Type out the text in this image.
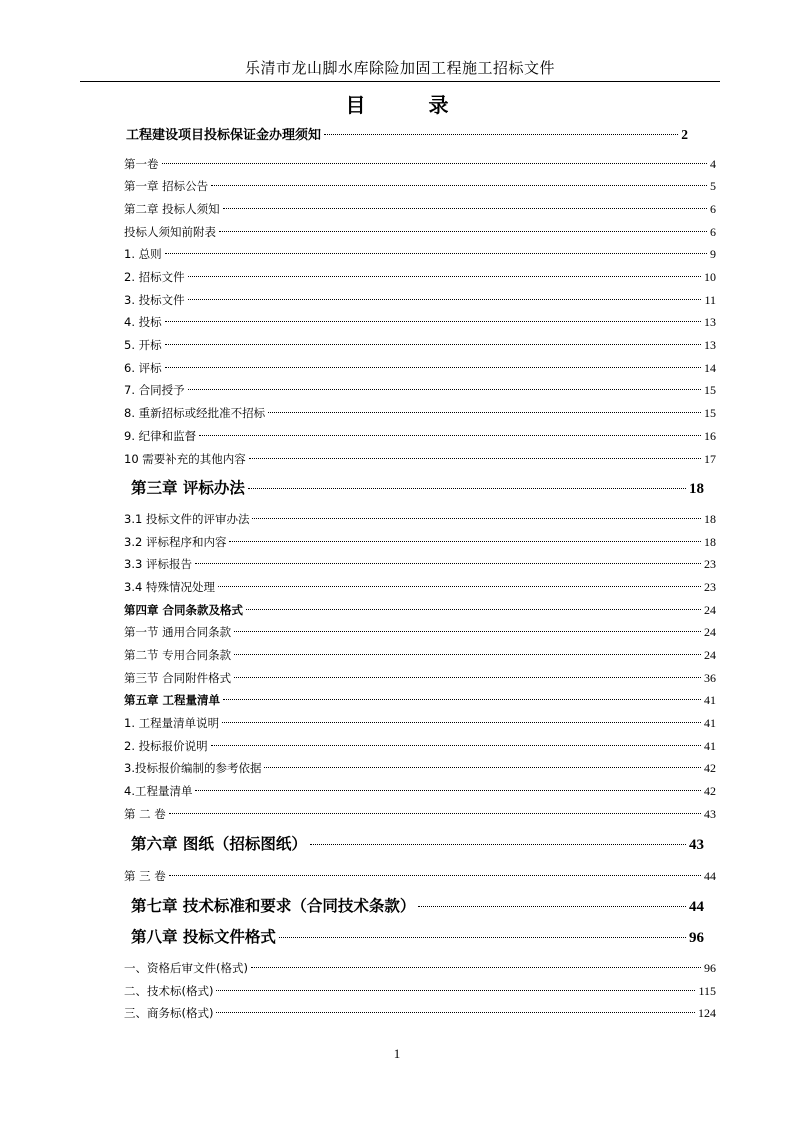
乐清市龙山脚水库除险加固工程施工招标文件
目 录
工程建设项目投标保证金办理须知	2
第一卷	4
第一章 招标公告	5
第二章 投标人须知	6
投标人须知前附表	6
1. 总则	9
2. 招标文件	10
3. 投标文件	11
4. 投标	13
5. 开标	13
6. 评标	14
7. 合同授予	15
8. 重新招标或经批准不招标	15
9. 纪律和监督	16
10 需要补充的其他内容	17
第三章 评标办法	18
3.1 投标文件的评审办法	18
3.2 评标程序和内容	18
3.3 评标报告	23
3.4 特殊情况处理	23
第四章 合同条款及格式	24
第一节 通用合同条款	24
第二节 专用合同条款	24
第三节 合同附件格式	36
第五章 工程量清单	41
1. 工程量清单说明	41
2. 投标报价说明	41
3.投标报价编制的参考依据	42
4.工程量清单	42
第 二 卷	43
第六章 图纸（招标图纸）	43
第 三 卷	44
第七章 技术标准和要求（合同技术条款）	44
第八章 投标文件格式	96
一、资格后审文件(格式)	96
二、技术标(格式)	115
三、商务标(格式)	124
1
